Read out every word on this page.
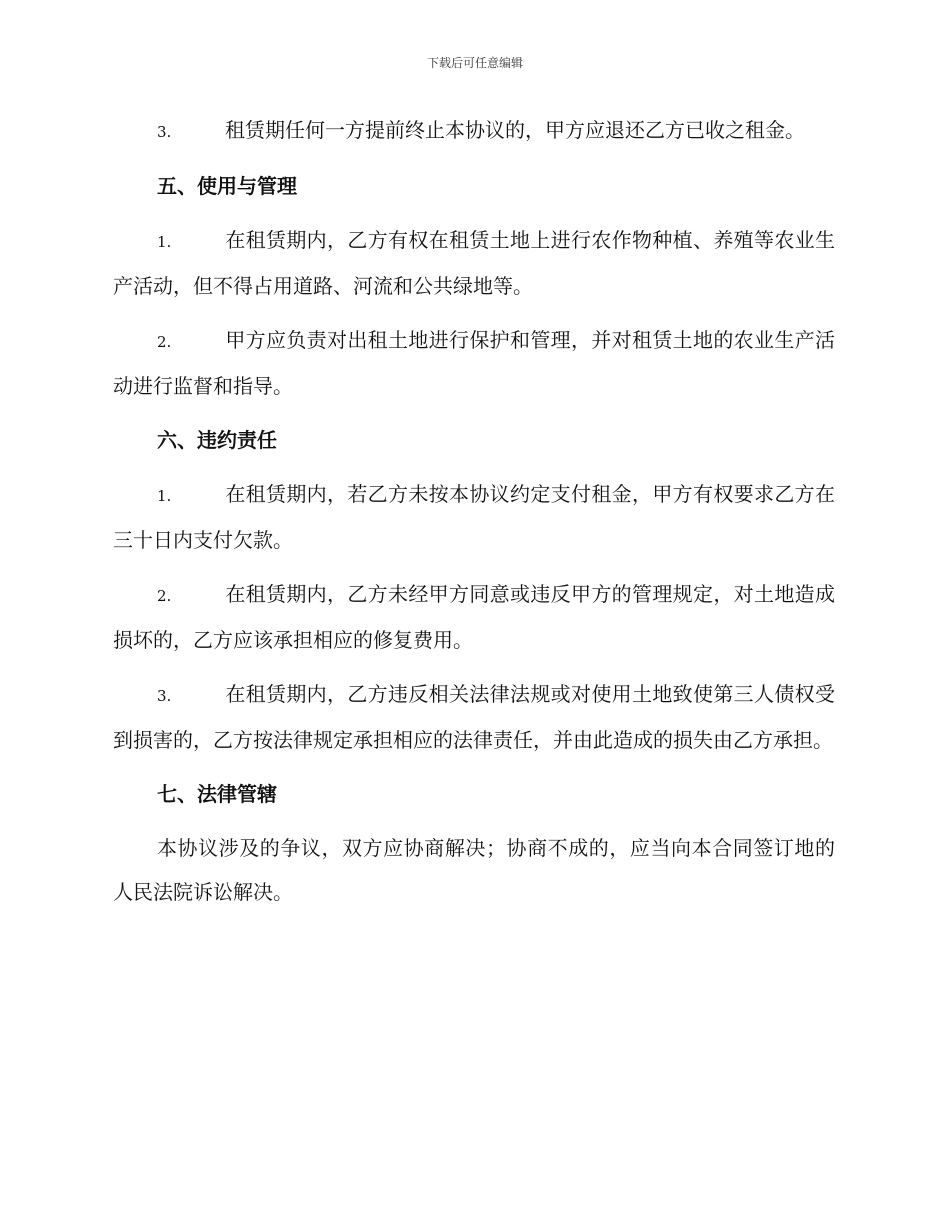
下载后可任意编辑

3.	租赁期任何一方提前终止本协议的，甲方应退还乙方已收之租金。

五、使用与管理

1.	在租赁期内，乙方有权在租赁土地上进行农作物种植、养殖等农业生产活动，但不得占用道路、河流和公共绿地等。

2.	甲方应负责对出租土地进行保护和管理，并对租赁土地的农业生产活动进行监督和指导。

六、违约责任

1.	在租赁期内，若乙方未按本协议约定支付租金，甲方有权要求乙方在三十日内支付欠款。

2.	在租赁期内，乙方未经甲方同意或违反甲方的管理规定，对土地造成损坏的，乙方应该承担相应的修复费用。

3.	在租赁期内，乙方违反相关法律法规或对使用土地致使第三人债权受到损害的，乙方按法律规定承担相应的法律责任，并由此造成的损失由乙方承担。

七、法律管辖

本协议涉及的争议，双方应协商解决；协商不成的，应当向本合同签订地的人民法院诉讼解决。
